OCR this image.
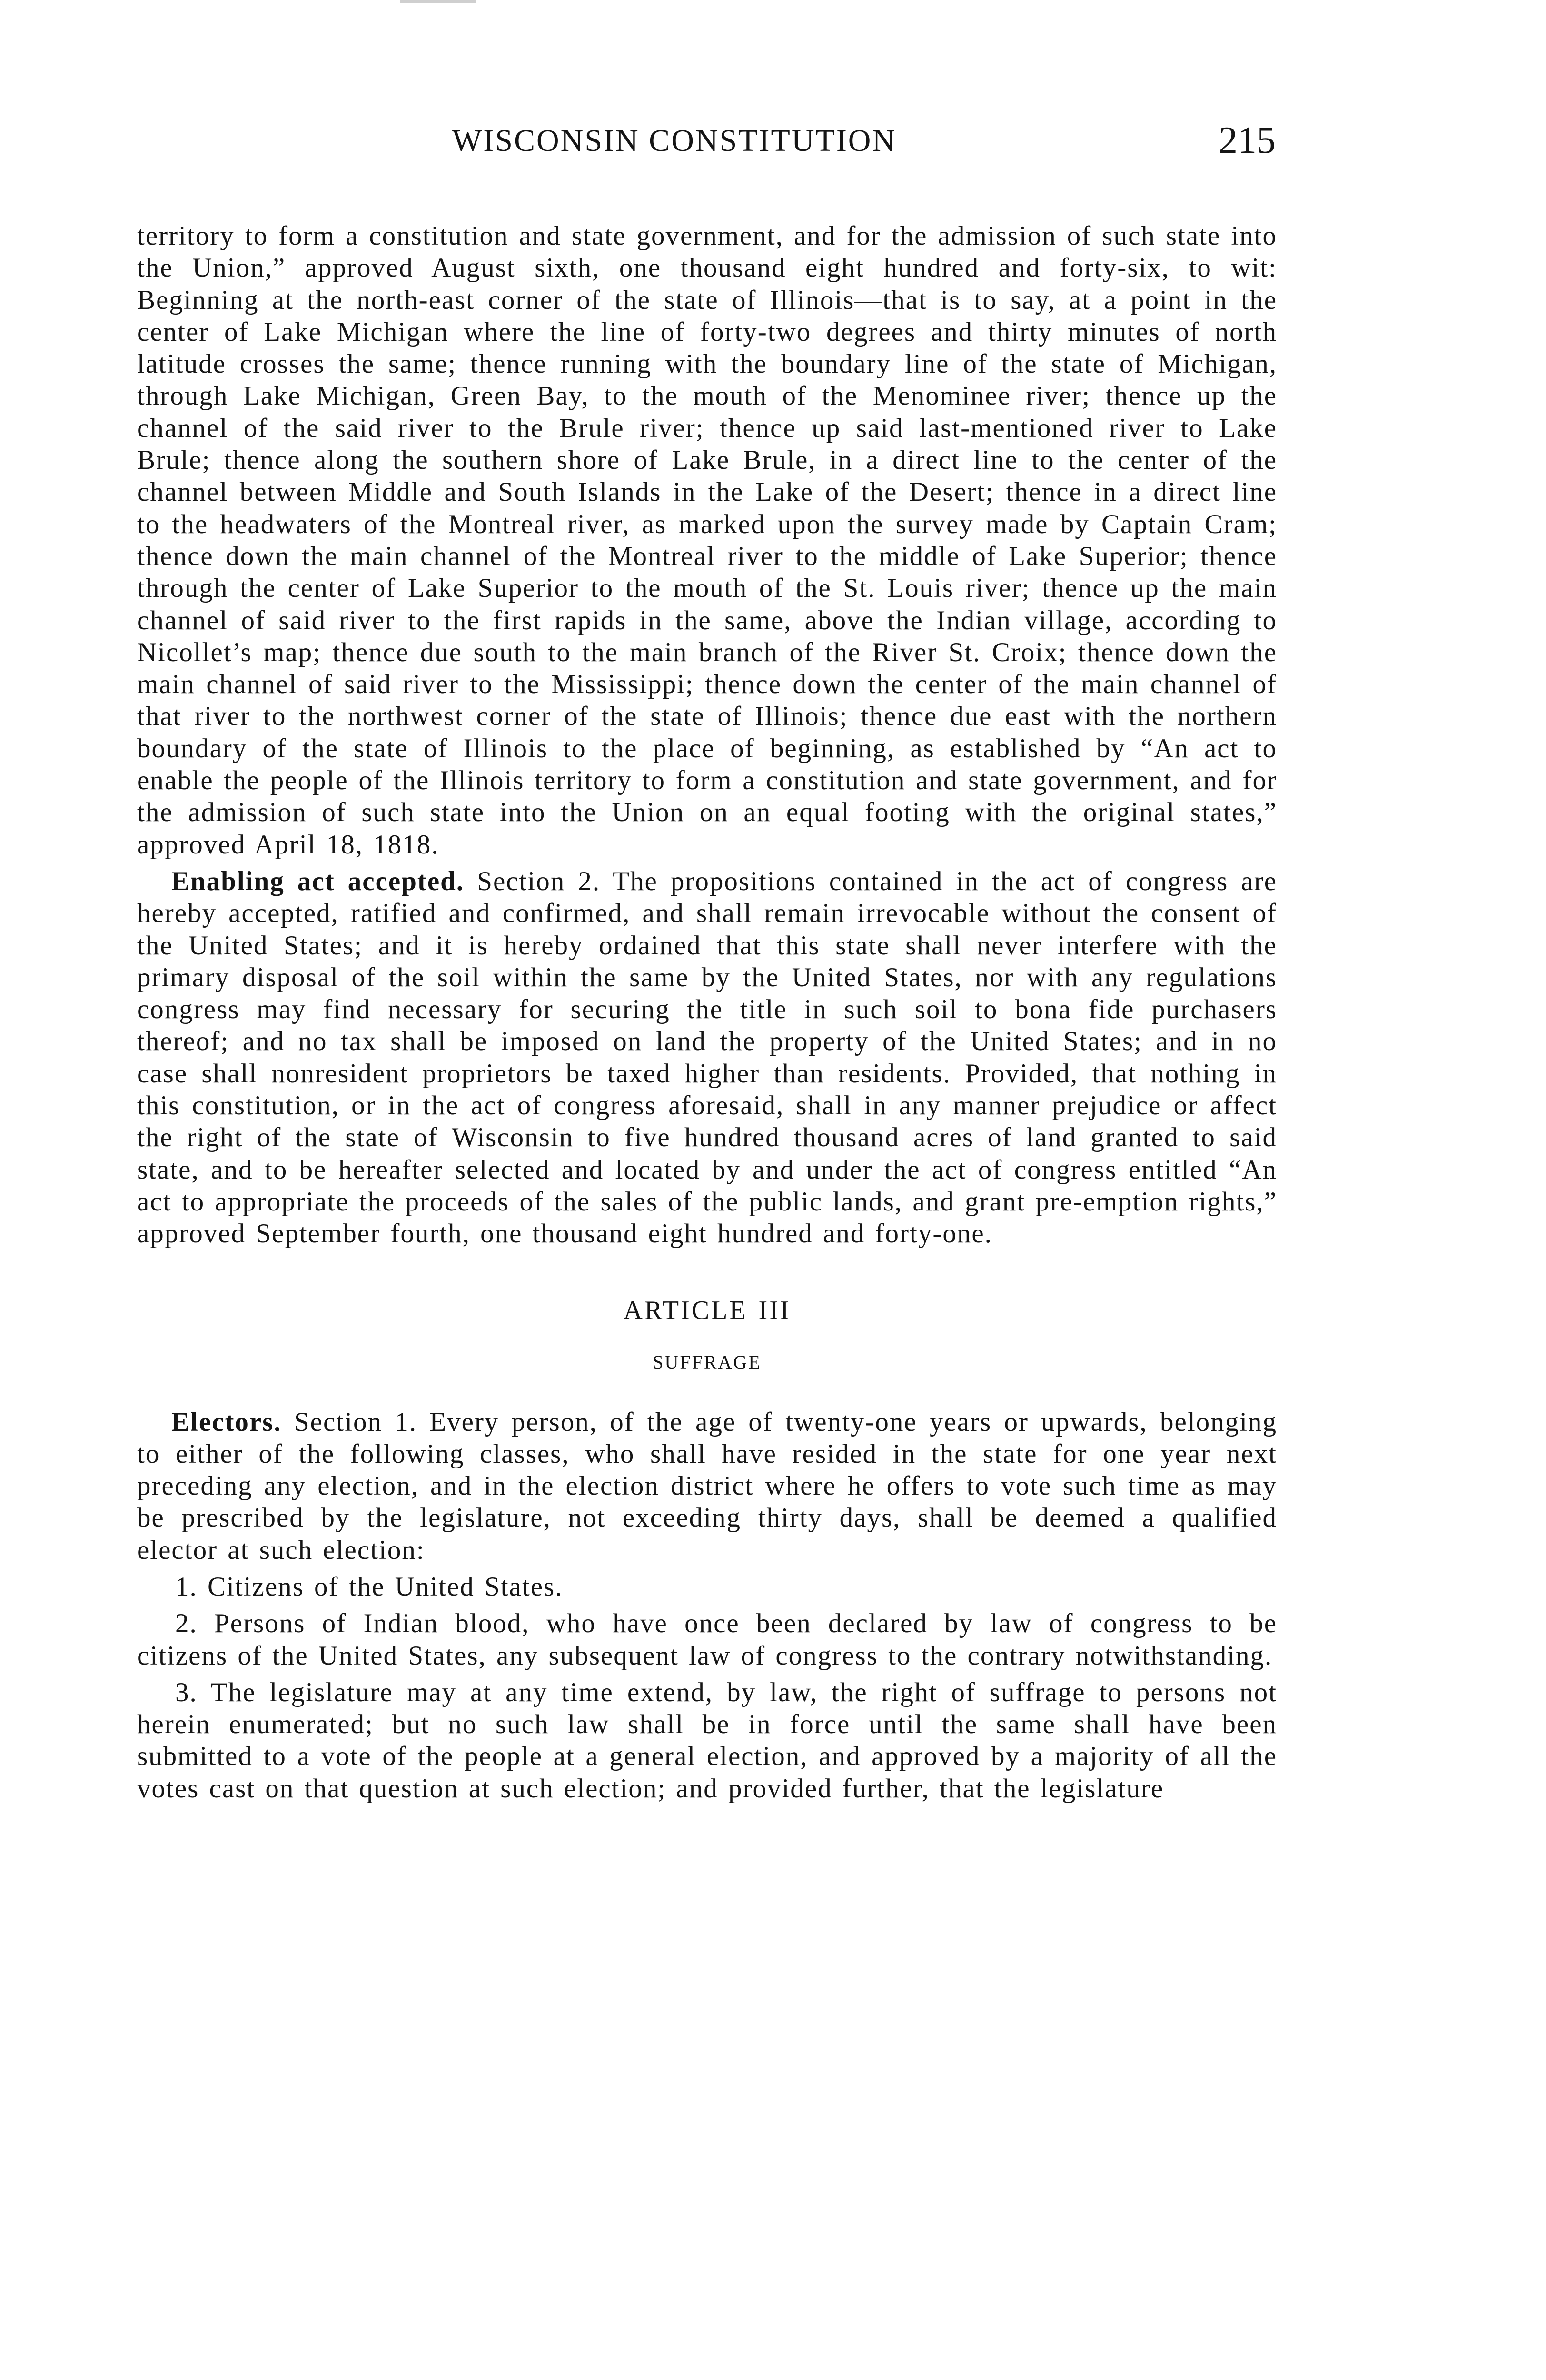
WISCONSIN CONSTITUTION	215

territory to form a constitution and state government, and for the admission of such state into the Union,” approved August sixth, one thousand eight hundred and forty-six, to wit: Beginning at the north-east corner of the state of Illinois—that is to say, at a point in the center of Lake Michigan where the line of forty-two degrees and thirty minutes of north latitude crosses the same; thence running with the boundary line of the state of Michigan, through Lake Michigan, Green Bay, to the mouth of the Menominee river; thence up the channel of the said river to the Brule river; thence up said last-mentioned river to Lake Brule; thence along the southern shore of Lake Brule, in a direct line to the center of the channel between Middle and South Islands in the Lake of the Desert; thence in a direct line to the headwaters of the Montreal river, as marked upon the survey made by Captain Cram; thence down the main channel of the Montreal river to the middle of Lake Superior; thence through the center of Lake Superior to the mouth of the St. Louis river; thence up the main channel of said river to the first rapids in the same, above the Indian village, according to Nicollet’s map; thence due south to the main branch of the River St. Croix; thence down the main channel of said river to the Mississippi; thence down the center of the main channel of that river to the northwest corner of the state of Illinois; thence due east with the northern boundary of the state of Illinois to the place of beginning, as established by “An act to enable the people of the Illinois territory to form a constitution and state government, and for the admission of such state into the Union on an equal footing with the original states,” approved April 18, 1818.

Enabling act accepted. Section 2. The propositions contained in the act of congress are hereby accepted, ratified and confirmed, and shall remain irrevocable without the consent of the United States; and it is hereby ordained that this state shall never interfere with the primary disposal of the soil within the same by the United States, nor with any regulations congress may find necessary for securing the title in such soil to bona fide purchasers thereof; and no tax shall be imposed on land the property of the United States; and in no case shall nonresident proprietors be taxed higher than residents. Provided, that nothing in this constitution, or in the act of congress aforesaid, shall in any manner prejudice or affect the right of the state of Wisconsin to five hundred thousand acres of land granted to said state, and to be hereafter selected and located by and under the act of congress entitled “An act to appropriate the proceeds of the sales of the public lands, and grant pre-emption rights,” approved September fourth, one thousand eight hundred and forty-one.

ARTICLE III
SUFFRAGE

Electors. Section 1. Every person, of the age of twenty-one years or upwards, belonging to either of the following classes, who shall have resided in the state for one year next preceding any election, and in the election district where he offers to vote such time as may be prescribed by the legislature, not exceeding thirty days, shall be deemed a qualified elector at such election:

1. Citizens of the United States.

2. Persons of Indian blood, who have once been declared by law of congress to be citizens of the United States, any subsequent law of congress to the contrary notwithstanding.

3. The legislature may at any time extend, by law, the right of suffrage to persons not herein enumerated; but no such law shall be in force until the same shall have been submitted to a vote of the people at a general election, and approved by a majority of all the votes cast on that question at such election; and provided further, that the legislature
